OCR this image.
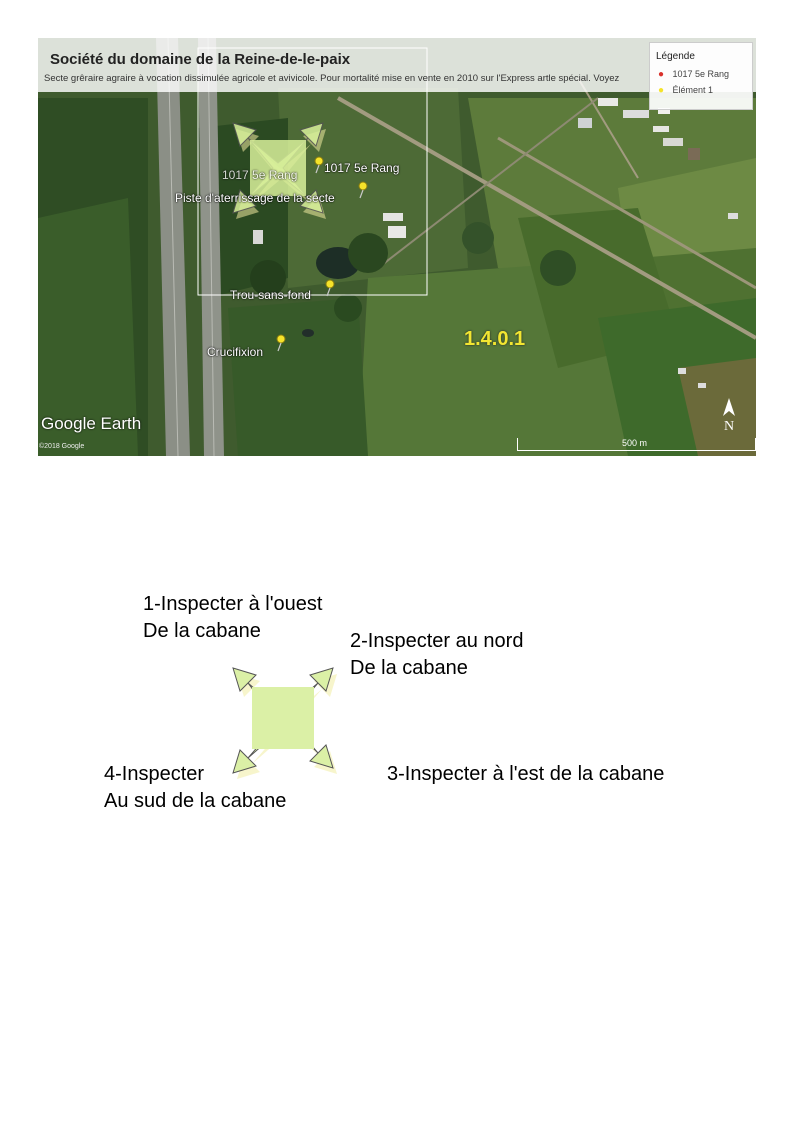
Société du domaine de la Reine-de-le-paix
Secte grêraire agraire à vocation dissimulée agricole et avivicole. Pour mortalité mise en vente en 2010 sur l'Express artle spécial. Voyez
Légende
● 1017 5e Rang
● Élément 1
1017 5e Rang 1017 5e Rang
Piste d'aterrissage de la secte
Trou-sans-fond
Crucifixion
1.4.0.1
Google Earth
©2018 Google	500 m
N
1-Inspecter à l'ouest
De la cabane	2-Inspecter au nord
De la cabane
3-Inspecter à l'est de la cabane
4-Inspecter
Au sud de la cabane
